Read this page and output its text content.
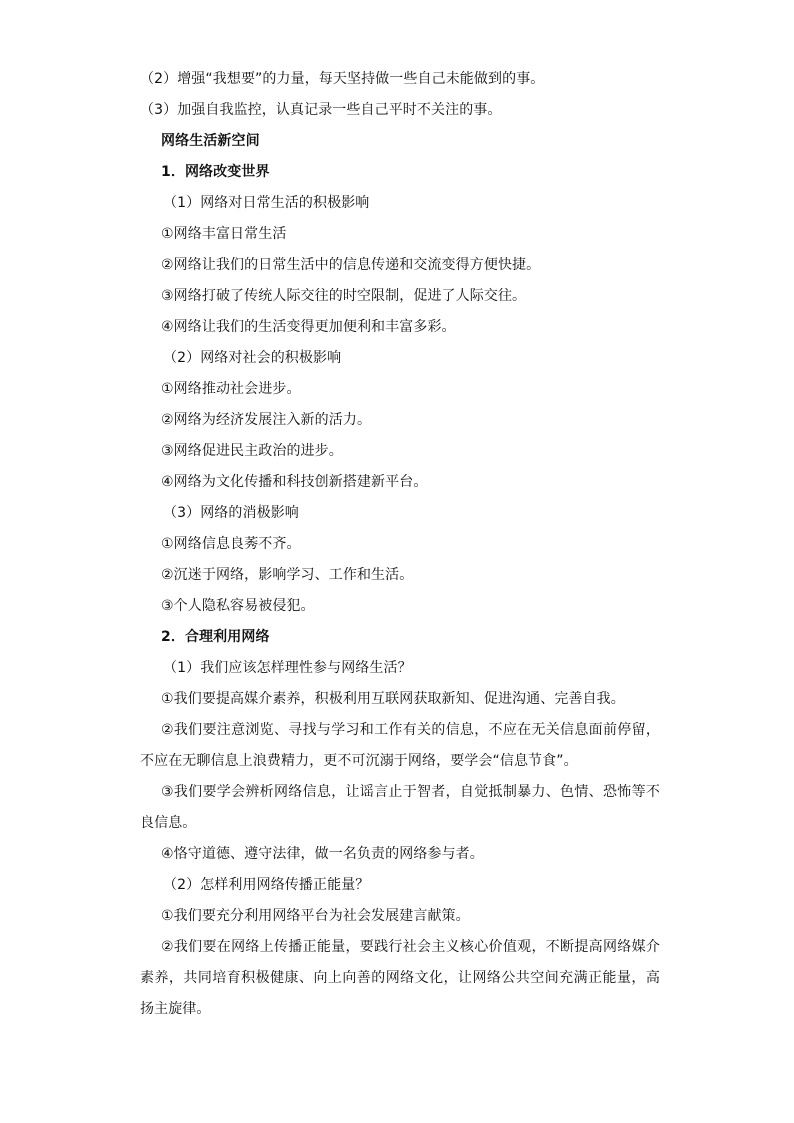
（2）增强“我想要”的力量，每天坚持做一些自己未能做到的事。
（3）加强自我监控，认真记录一些自己平时不关注的事。
网络生活新空间
1．网络改变世界
（1）网络对日常生活的积极影响
①网络丰富日常生活
②网络让我们的日常生活中的信息传递和交流变得方便快捷。
③网络打破了传统人际交往的时空限制，促进了人际交往。
④网络让我们的生活变得更加便利和丰富多彩。
（2）网络对社会的积极影响
①网络推动社会进步。
②网络为经济发展注入新的活力。
③网络促进民主政治的进步。
④网络为文化传播和科技创新搭建新平台。
（3）网络的消极影响
①网络信息良莠不齐。
②沉迷于网络，影响学习、工作和生活。
③个人隐私容易被侵犯。
2．合理利用网络
（1）我们应该怎样理性参与网络生活？
①我们要提高媒介素养，积极利用互联网获取新知、促进沟通、完善自我。
②我们要注意浏览、寻找与学习和工作有关的信息，不应在无关信息面前停留，不应在无聊信息上浪费精力，更不可沉溺于网络，要学会“信息节食”。
③我们要学会辨析网络信息，让谣言止于智者，自觉抵制暴力、色情、恐怖等不良信息。
④恪守道德、遵守法律，做一名负责的网络参与者。
（2）怎样利用网络传播正能量？
①我们要充分利用网络平台为社会发展建言献策。
②我们要在网络上传播正能量，要践行社会主义核心价值观，不断提高网络媒介素养，共同培育积极健康、向上向善的网络文化，让网络公共空间充满正能量，高扬主旋律。
